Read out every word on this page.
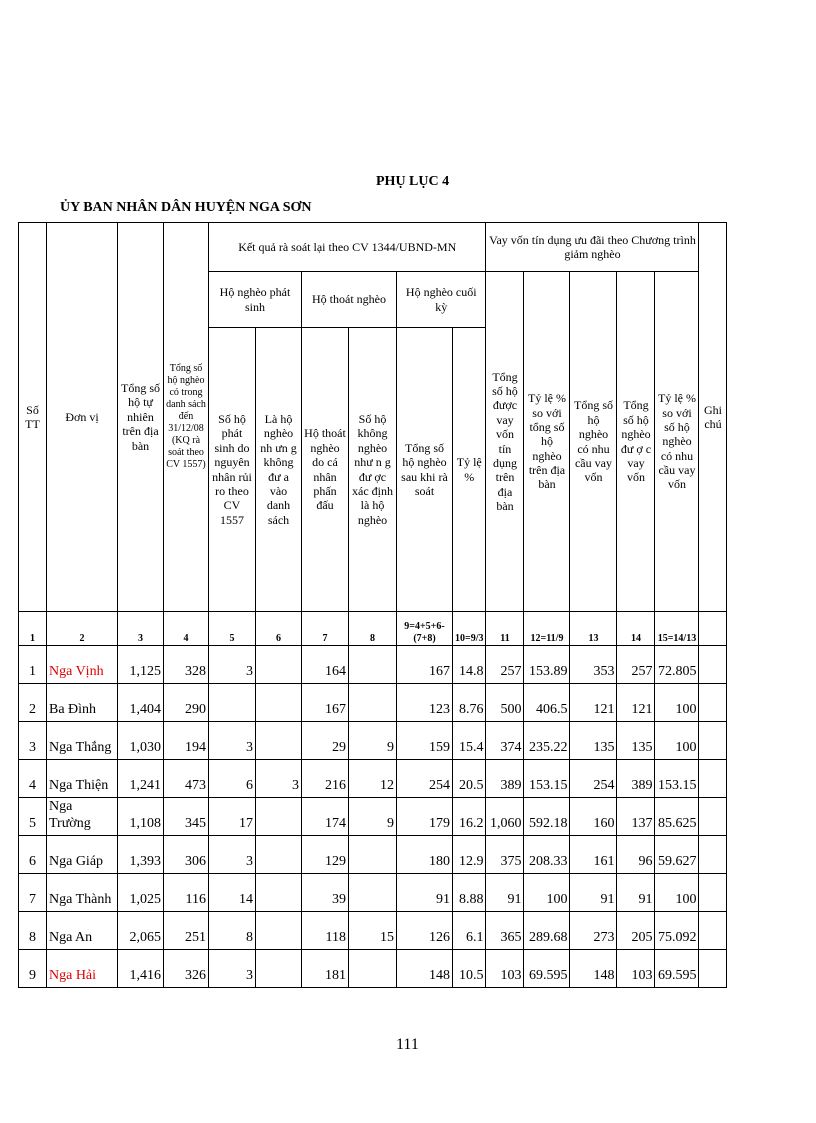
PHỤ LỤC 4
ỦY BAN NHÂN DÂN HUYỆN NGA SƠN
Số TT	Đơn vị	Tổng số hộ tự nhiên trên địa bàn	Tổng số hộ nghèo có trong danh sách đến 31/12/08 (KQ rà soát theo CV 1557)	Kết quả rà soát lại theo CV 1344/UBND-MN						Vay vốn tín dụng ưu đãi theo Chương trình giảm nghèo					Ghi chú
				Hộ nghèo phát sinh		Hộ thoát nghèo		Hộ nghèo cuối kỳ		Tổng số hộ được vay vốn tín dụng trên địa bàn	Tỷ lệ % so với tổng số hộ nghèo trên địa bàn	Tổng số hộ nghèo có nhu cầu vay vốn	Tổng số hộ nghèo đư ợ c vay vốn	Tỷ lệ % so với số hộ nghèo có nhu cầu vay vốn	
				Số hộ phát sinh do nguyên nhân rủi ro theo CV 1557	Là hộ nghèo nh ưn g không đư a vào danh sách	Hộ thoát nghèo do cá nhân phấn đấu	Số hộ không nghèo như n g đư ợc xác định là hộ nghèo	Tổng số hộ nghèo sau khi rà soát	Tỷ lệ %						
1	2	3	4	5	6	7	8	9=4+5+6-(7+8)	10=9/3	11	12=11/9	13	14	15=14/13	
1	Nga Vịnh	1,125	328	3		164		167	14.8	257	153.89	353	257	72.805	
2	Ba Đình	1,404	290			167		123	8.76	500	406.5	121	121	100	
3	Nga Thắng	1,030	194	3		29	9	159	15.4	374	235.22	135	135	100	
4	Nga Thiện	1,241	473	6	3	216	12	254	20.5	389	153.15	254	389	153.15	
5	Nga Trường	1,108	345	17		174	9	179	16.2	1,060	592.18	160	137	85.625	
6	Nga Giáp	1,393	306	3		129		180	12.9	375	208.33	161	96	59.627	
7	Nga Thành	1,025	116	14		39		91	8.88	91	100	91	91	100	
8	Nga An	2,065	251	8		118	15	126	6.1	365	289.68	273	205	75.092	
9	Nga Hải	1,416	326	3		181		148	10.5	103	69.595	148	103	69.595	
111
